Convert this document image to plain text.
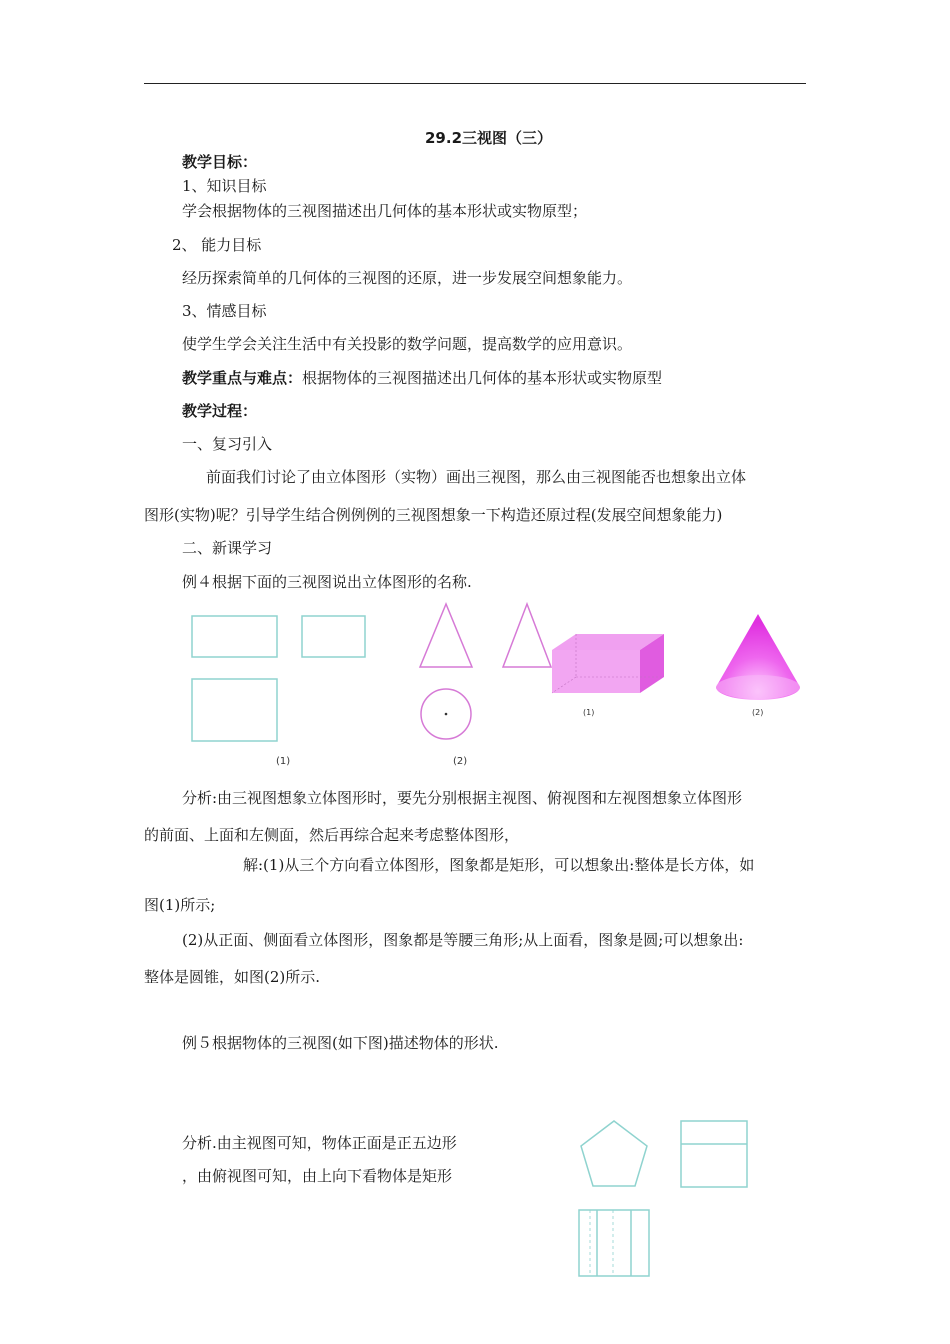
29.2三视图（三）
教学目标：
1、知识目标
学会根据物体的三视图描述出几何体的基本形状或实物原型；
2、 能力目标
经历探索简单的几何体的三视图的还原，进一步发展空间想象能力。
3、情感目标
使学生学会关注生活中有关投影的数学问题，提高数学的应用意识。
教学重点与难点：根据物体的三视图描述出几何体的基本形状或实物原型
教学过程：
一、复习引入
前面我们讨论了由立体图形（实物）画出三视图，那么由三视图能否也想象出立体
图形(实物)呢？引导学生结合例例例的三视图想象一下构造还原过程(发展空间想象能力)
二、新课学习
例４根据下面的三视图说出立体图形的名称.
(1)	(2)
(1)	(2)
分析:由三视图想象立体图形时，要先分别根据主视图、俯视图和左视图想象立体图形
的前面、上面和左侧面，然后再综合起来考虑整体图形，
解:(1)从三个方向看立体图形，图象都是矩形，可以想象出:整体是长方体，如
图(1)所示;
(2)从正面、侧面看立体图形，图象都是等腰三角形;从上面看，图象是圆;可以想象出:
整体是圆锥，如图(2)所示.
例５根据物体的三视图(如下图)描述物体的形状.
分析.由主视图可知，物体正面是正五边形
，由俯视图可知，由上向下看物体是矩形
